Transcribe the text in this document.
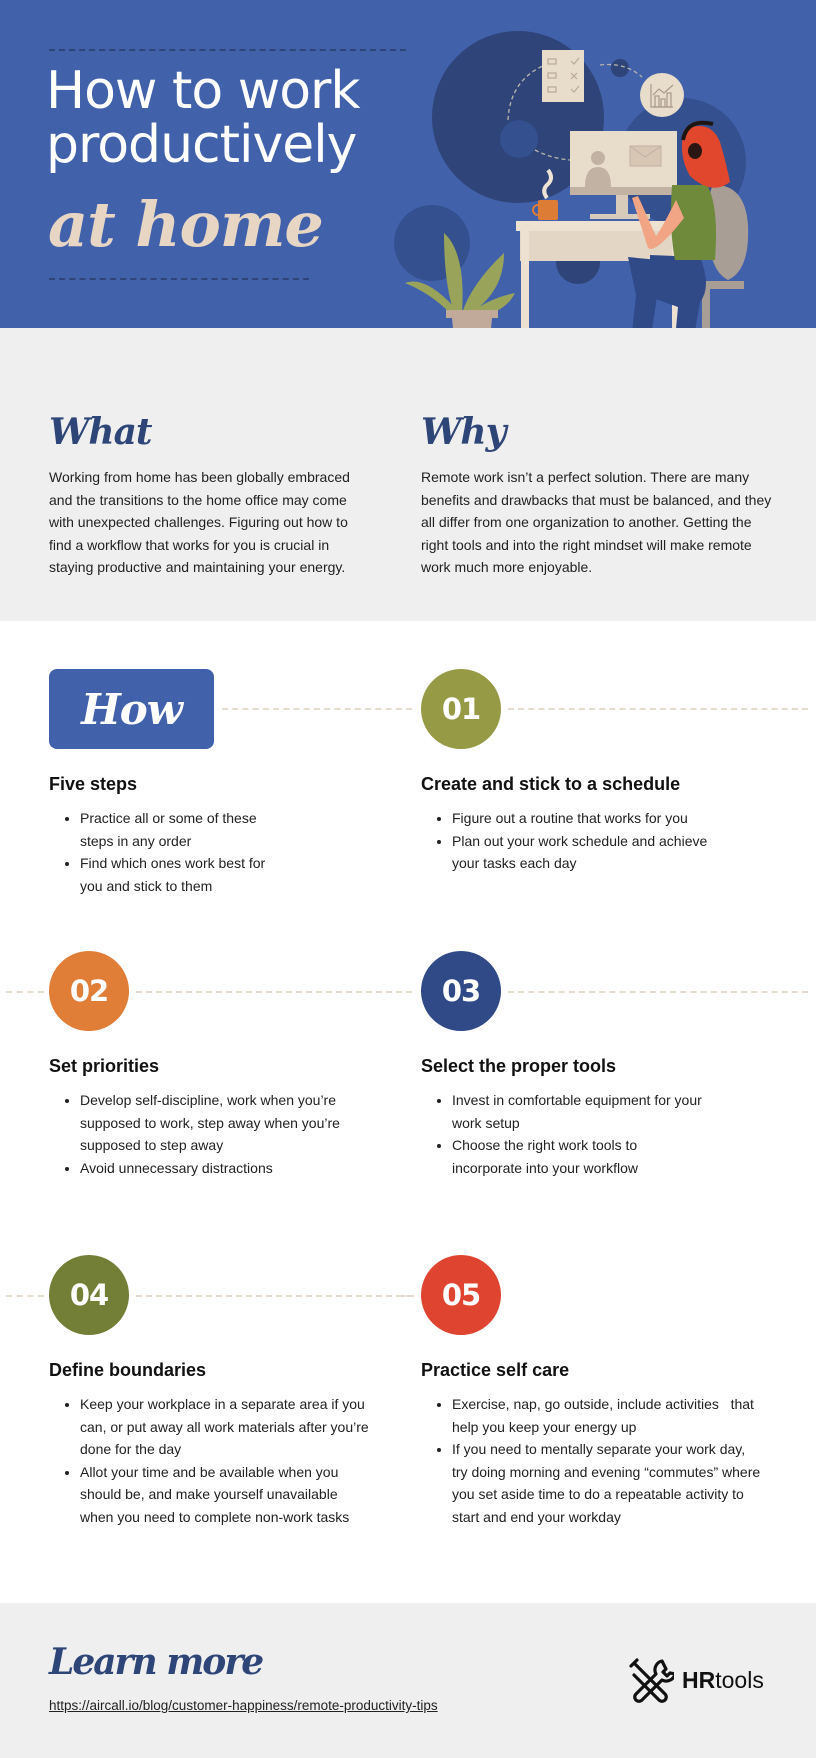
How to work
productively
at home
What

Working from home has been globally embraced and the transitions to the home office may come with unexpected challenges. Figuring out how to find a workflow that works for you is crucial in staying productive and maintaining your energy.

Why

Remote work isn’t a perfect solution. There are many benefits and drawbacks that must be balanced, and they all differ from one organization to another. Getting the right tools and into the right mindset will make remote work much more enjoyable.

How
Five steps
• Practice all or some of these steps in any order
• Find which ones work best for you and stick to them
01
Create and stick to a schedule
• Figure out a routine that works for you
• Plan out your work schedule and achieve your tasks each day
02
Set priorities
• Develop self-discipline, work when you’re supposed to work, step away when you’re supposed to step away
• Avoid unnecessary distractions
03
Select the proper tools
• Invest in comfortable equipment for your work setup
• Choose the right work tools to incorporate into your workflow
04
Define boundaries
• Keep your workplace in a separate area if you can, or put away all work materials after you’re done for the day
• Allot your time and be available when you should be, and make yourself unavailable when you need to complete non-work tasks
05
Practice self care
• Exercise, nap, go outside, include activities   that help you keep your energy up
• If you need to mentally separate your work day, try doing morning and evening “commutes” where you set aside time to do a repeatable activity to start and end your workday
Learn more
https://aircall.io/blog/customer-happiness/remote-productivity-tips
HRtools
